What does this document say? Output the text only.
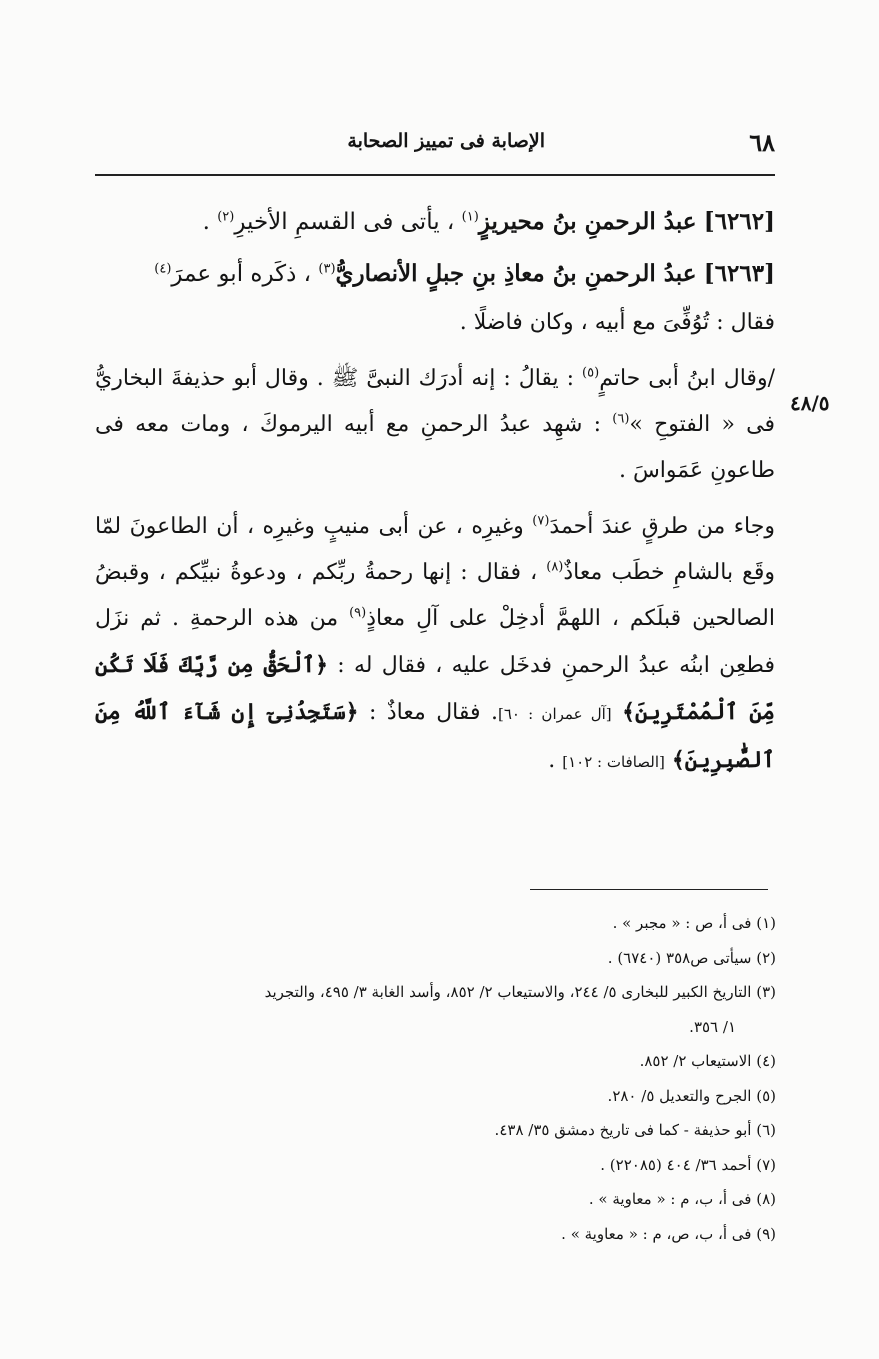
٦٨
الإصابة فى تمييز الصحابة
٤٨/٥

[٦٢٦٢] عبدُ الرحمنِ بنُ محيريزٍ$^{(١)}$ ، يأتى فى القسمِ الأخيرِ$^{(٢)}$ .

[٦٢٦٣] عبدُ الرحمنِ بنُ معاذِ بنِ جبلٍ الأنصاريُّ$^{(٣)}$ ، ذكَره أبو عمرَ$^{(٤)}$

فقال : تُوُفِّىَ مع أبيه ، وكان فاضلًا .

/وقال ابنُ أبى حاتمٍ$^{(٥)}$ : يقالُ : إنه أدرَك النبىَّ ﷺ . وقال أبو حذيفةَ البخاريُّ فى « الفتوحِ »$^{(٦)}$ : شهِد عبدُ الرحمنِ مع أبيه اليرموكَ ، ومات معه فى طاعونِ عَمَواسَ .

وجاء من طرقٍ عندَ أحمدَ$^{(٧)}$ وغيرِه ، عن أبى منيبٍ وغيرِه ، أن الطاعونَ لمّا وقَع بالشامِ خطَب معاذٌ$^{(٨)}$ ، فقال : إنها رحمةُ ربِّكم ، ودعوةُ نبيِّكم ، وقبضُ الصالحين قبلَكم ، اللهمَّ أدخِلْ على آلِ معاذٍ$^{(٩)}$ من هذه الرحمةِ . ثم نزَل فطعِن ابنُه عبدُ الرحمنِ فدخَل عليه ، فقال له : ﴿ٱلْحَقُّ مِن رَّبِّكَ فَلَا تَكُن مِّنَ ٱلْمُمْتَرِينَ﴾ [آل عمران : ٦٠]. فقال معاذٌ : ﴿سَتَجِدُنِىٓ إِن شَآءَ ٱللَّهُ مِنَ ٱلصَّٰبِرِينَ﴾ [الصافات : ١٠٢] .

(١) فى أ، ص : « مجبر » .

(٢) سيأتى ص٣٥٨ (٦٧٤٠) .

(٣) التاريخ الكبير للبخارى ٥/ ٢٤٤، والاستيعاب ٢/ ٨٥٢، وأسد الغابة ٣/ ٤٩٥، والتجريد

١/ ٣٥٦.

(٤) الاستيعاب ٢/ ٨٥٢.

(٥) الجرح والتعديل ٥/ ٢٨٠.

(٦) أبو حذيفة - كما فى تاريخ دمشق ٣٥/ ٤٣٨.

(٧) أحمد ٣٦/ ٤٠٤ (٢٢٠٨٥) .

(٨) فى أ، ب، م : « معاوية » .

(٩) فى أ، ب، ص، م : « معاوية » .
